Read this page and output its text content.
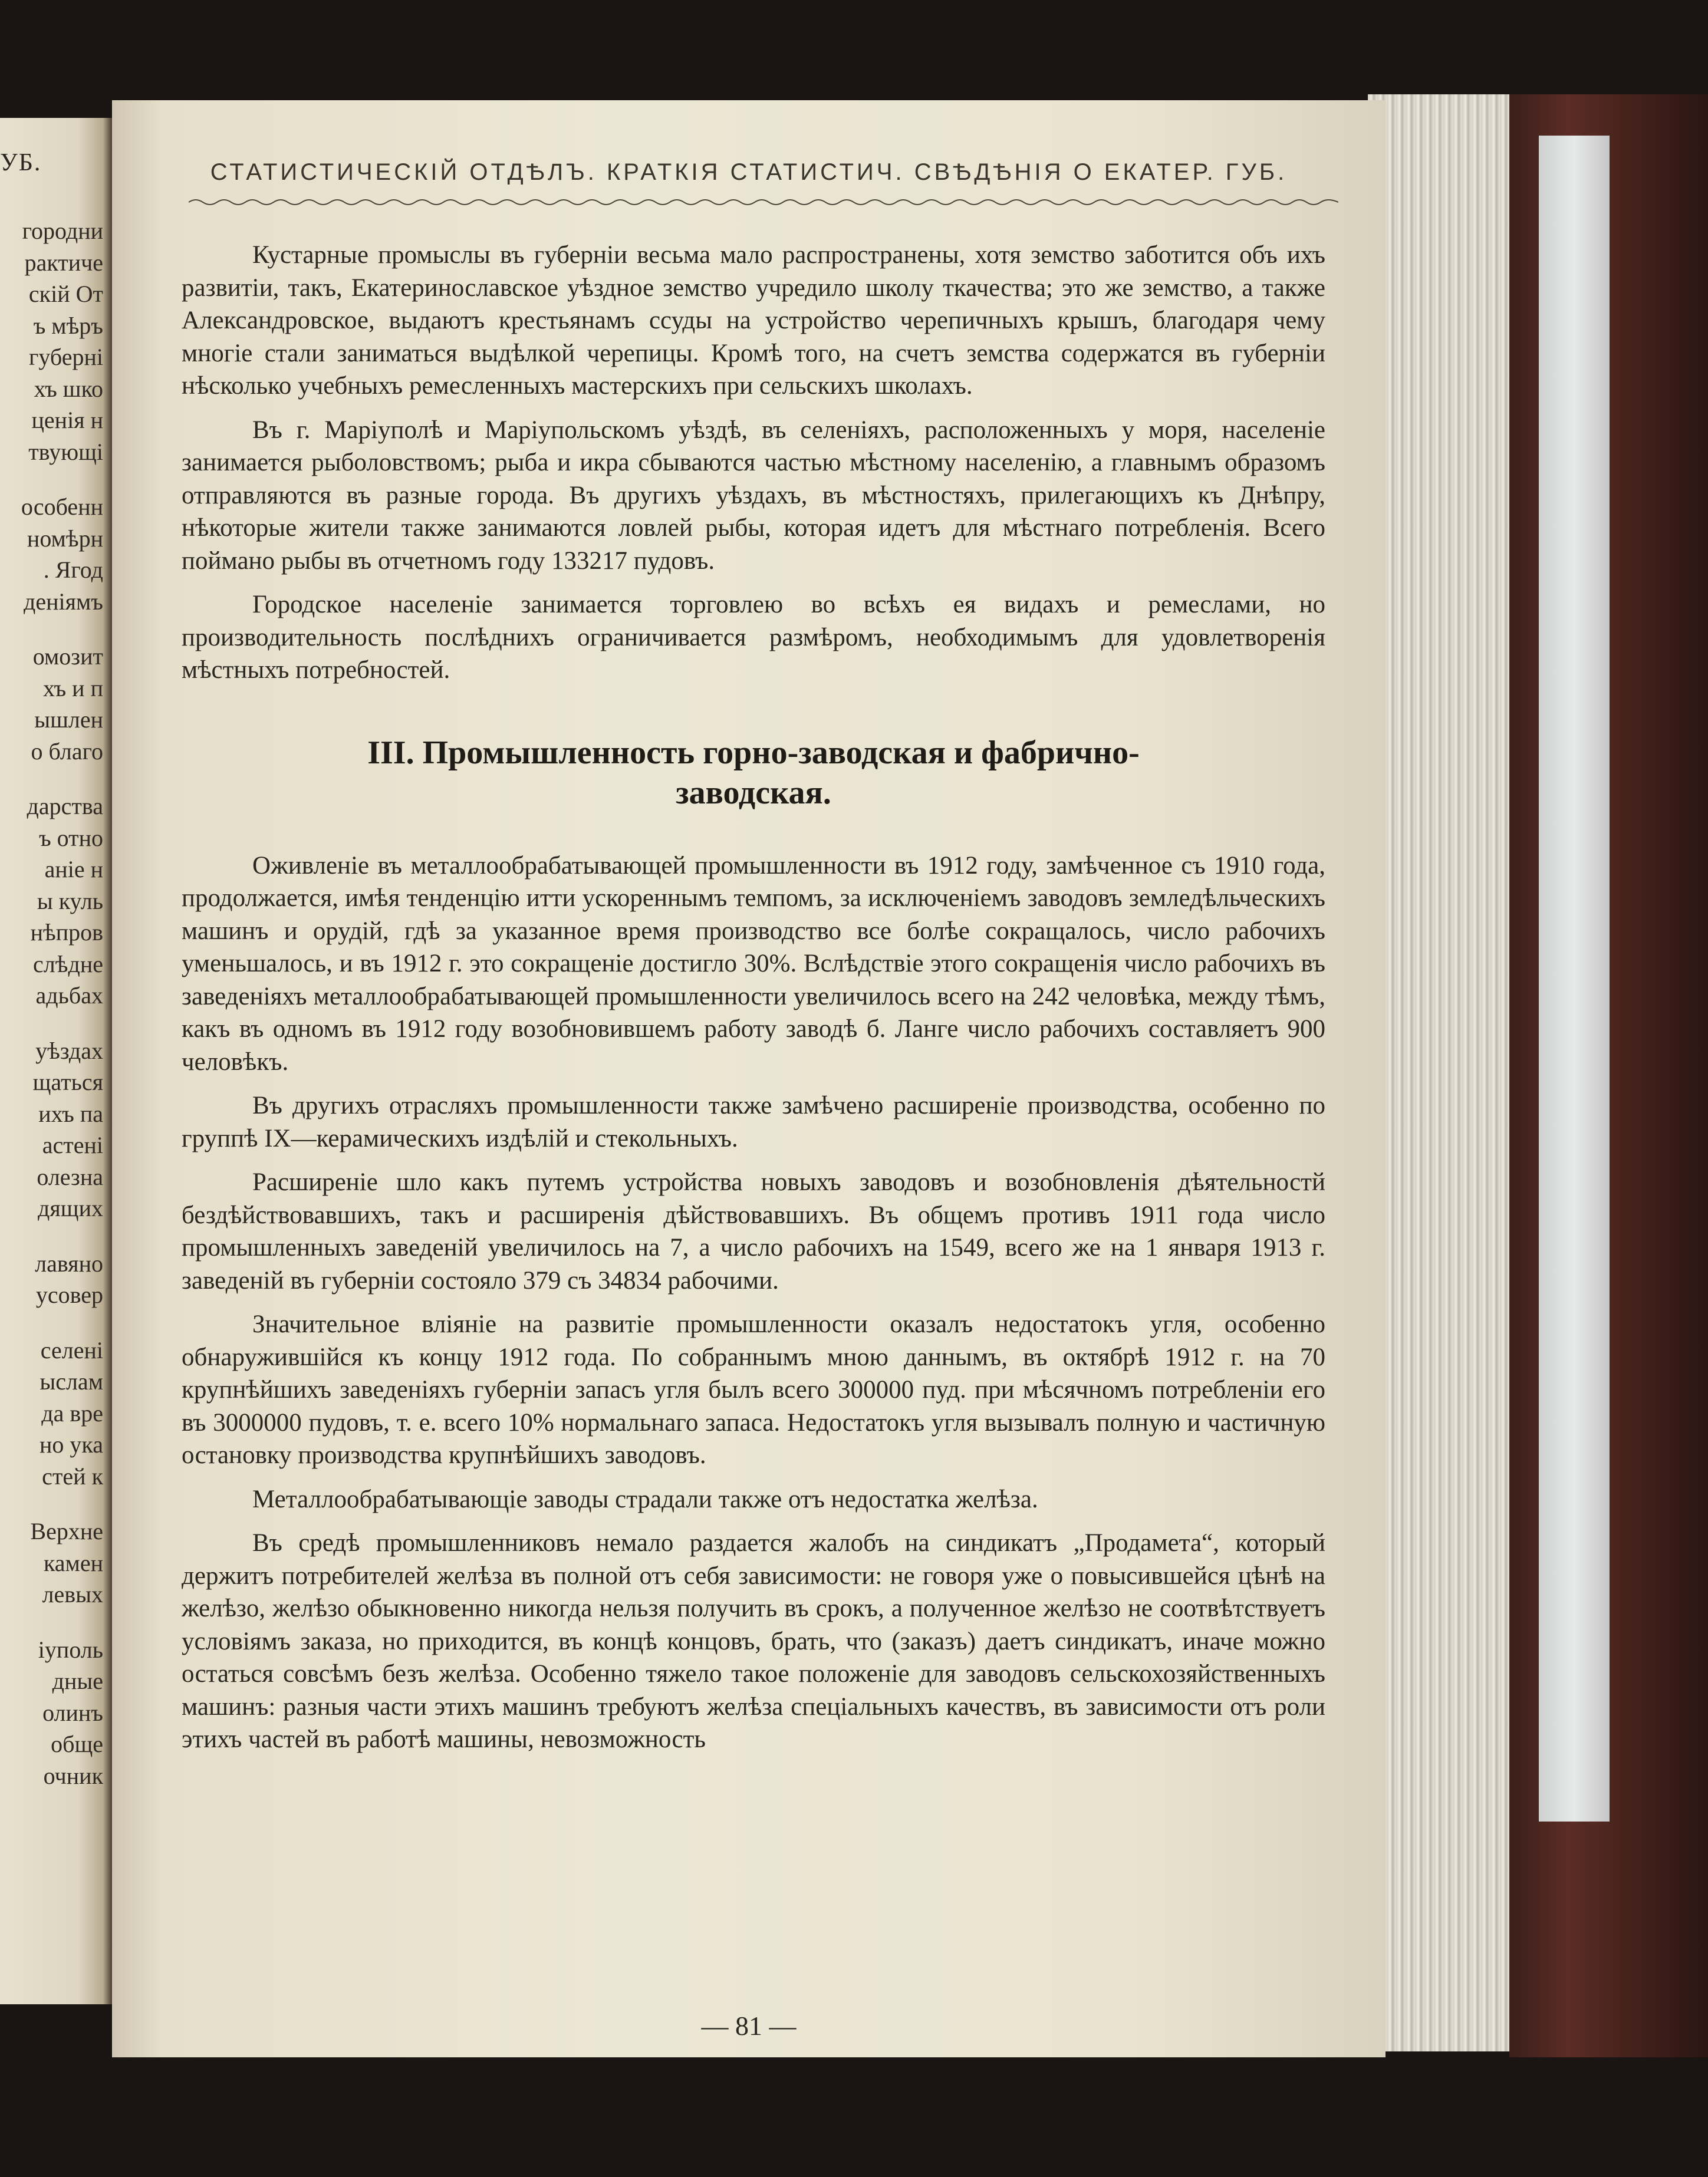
УБ.
городни
рактиче
скій От
ъ мѣръ
губерні
хъ шко
ценія н
твующі
особенн
номѣрн
. Ягод
деніямъ
омозит
хъ и п
ышлен
о благо
дарства
ъ отно
аніе н
ы куль
нѣпров
слѣдне
адьбах
уѣздах
щаться
ихъ па
астені
олезна
дящих
лавяно
усовер
селені
ыслам
да вре
но ука
стей к
Верхне
камен
левых
іуполь
дные
олинъ
обще
очник
СТАТИСТИЧЕСКІЙ ОТДѢЛЪ. КРАТКІЯ СТАТИСТИЧ. СВѢДѢНІЯ О ЕКАТЕР. ГУБ.

Кустарные промыслы въ губерніи весьма мало распространены, хотя земство заботится объ ихъ развитіи, такъ, Екатеринославское уѣздное земство учредило школу ткачества; это же земство, а также Александровское, выдаютъ крестьянамъ ссуды на устройство черепичныхъ крышъ, благодаря чему многіе стали заниматься выдѣлкой черепицы. Кромѣ того, на счетъ земства содержатся въ губерніи нѣсколько учебныхъ ремесленныхъ мастерскихъ при сельскихъ школахъ.

Въ г. Маріуполѣ и Маріупольскомъ уѣздѣ, въ селеніяхъ, расположенныхъ у моря, населеніе занимается рыболовствомъ; рыба и икра сбываются частью мѣстному населенію, а главнымъ образомъ отправляются въ разные города. Въ другихъ уѣздахъ, въ мѣстностяхъ, прилегающихъ къ Днѣпру, нѣкоторые жители также занимаются ловлей рыбы, которая идетъ для мѣстнаго потребленія. Всего поймано рыбы въ отчетномъ году 133217 пудовъ.

Городское населеніе занимается торговлею во всѣхъ ея видахъ и ремеслами, но производительность послѣднихъ ограничивается размѣромъ, необходимымъ для удовлетворенія мѣстныхъ потребностей.

III. Промышленность горно-заводская и фабрично-
заводская.

Оживленіе въ металлообрабатывающей промышленности въ 1912 году, замѣченное съ 1910 года, продолжается, имѣя тенденцію итти ускореннымъ темпомъ, за исключеніемъ заводовъ земледѣльческихъ машинъ и орудій, гдѣ за указанное время производство все болѣе сокращалось, число рабочихъ уменьшалось, и въ 1912 г. это сокращеніе достигло 30%. Вслѣдствіе этого сокращенія число рабочихъ въ заведеніяхъ металлообрабатывающей промышленности увеличилось всего на 242 человѣка, между тѣмъ, какъ въ одномъ въ 1912 году возобновившемъ работу заводѣ б. Ланге число рабочихъ составляетъ 900 человѣкъ.

Въ другихъ отрасляхъ промышленности также замѣчено расширеніе производства, особенно по группѣ IX—керамическихъ издѣлій и стекольныхъ.

Расширеніе шло какъ путемъ устройства новыхъ заводовъ и возобновленія дѣятельностй бездѣйствовавшихъ, такъ и расширенія дѣйствовавшихъ. Въ общемъ противъ 1911 года число промышленныхъ заведеній увеличилось на 7, а число рабочихъ на 1549, всего же на 1 января 1913 г. заведеній въ губерніи состояло 379 съ 34834 рабочими.

Значительное вліяніе на развитіе промышленности оказалъ недостатокъ угля, особенно обнаружившійся къ концу 1912 года. По собраннымъ мною даннымъ, въ октябрѣ 1912 г. на 70 крупнѣйшихъ заведеніяхъ губерніи запасъ угля былъ всего 300000 пуд. при мѣсячномъ потребленіи его въ 3000000 пудовъ, т. е. всего 10% нормальнаго запаса. Недостатокъ угля вызывалъ полную и частичную остановку производства крупнѣйшихъ заводовъ.

Металлообрабатывающіе заводы страдали также отъ недостатка желѣза.

Въ средѣ промышленниковъ немало раздается жалобъ на синдикатъ „Продамета“, который держитъ потребителей желѣза въ полной отъ себя зависимости: не говоря уже о повысившейся цѣнѣ на желѣзо, желѣзо обыкновенно никогда нельзя получить въ срокъ, а полученное желѣзо не соотвѣтствуетъ условіямъ заказа, но приходится, въ концѣ концовъ, брать, что (заказъ) даетъ синдикатъ, иначе можно остаться совсѣмъ безъ желѣза. Особенно тяжело такое положеніе для заводовъ сельскохозяйственныхъ машинъ: разныя части этихъ машинъ требуютъ желѣза спеціальныхъ качествъ, въ зависимости отъ роли этихъ частей въ работѣ машины, невозможность

— 81 —
